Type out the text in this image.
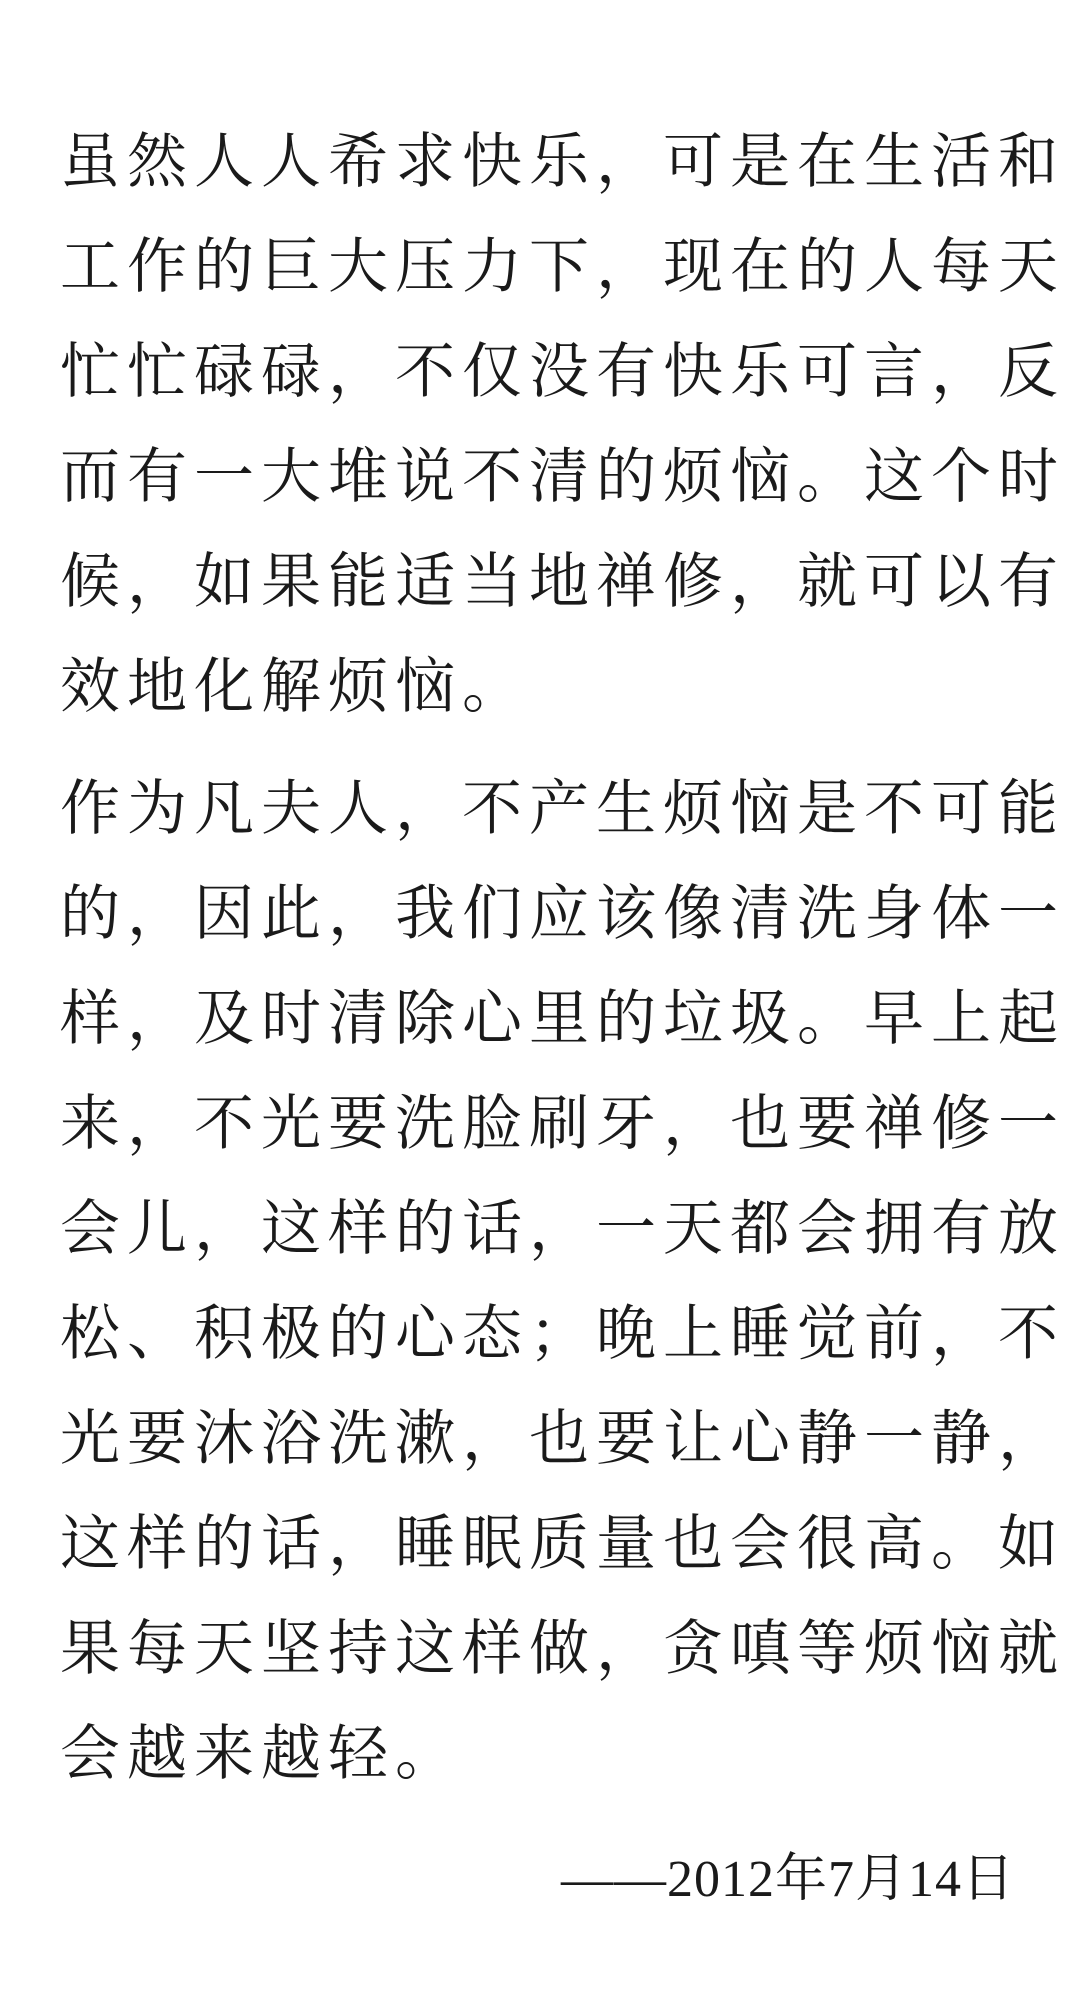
虽然人人希求快乐，可是在生活和
工作的巨大压力下，现在的人每天
忙忙碌碌，不仅没有快乐可言，反
而有一大堆说不清的烦恼。这个时
候，如果能适当地禅修，就可以有
效地化解烦恼。

作为凡夫人，不产生烦恼是不可能
的，因此，我们应该像清洗身体一
样，及时清除心里的垃圾。早上起
来，不光要洗脸刷牙，也要禅修一
会儿，这样的话，一天都会拥有放
松、积极的心态；晚上睡觉前，不
光要沐浴洗漱，也要让心静一静，
这样的话，睡眠质量也会很高。如
果每天坚持这样做，贪嗔等烦恼就
会越来越轻。

——2012年7月14日
